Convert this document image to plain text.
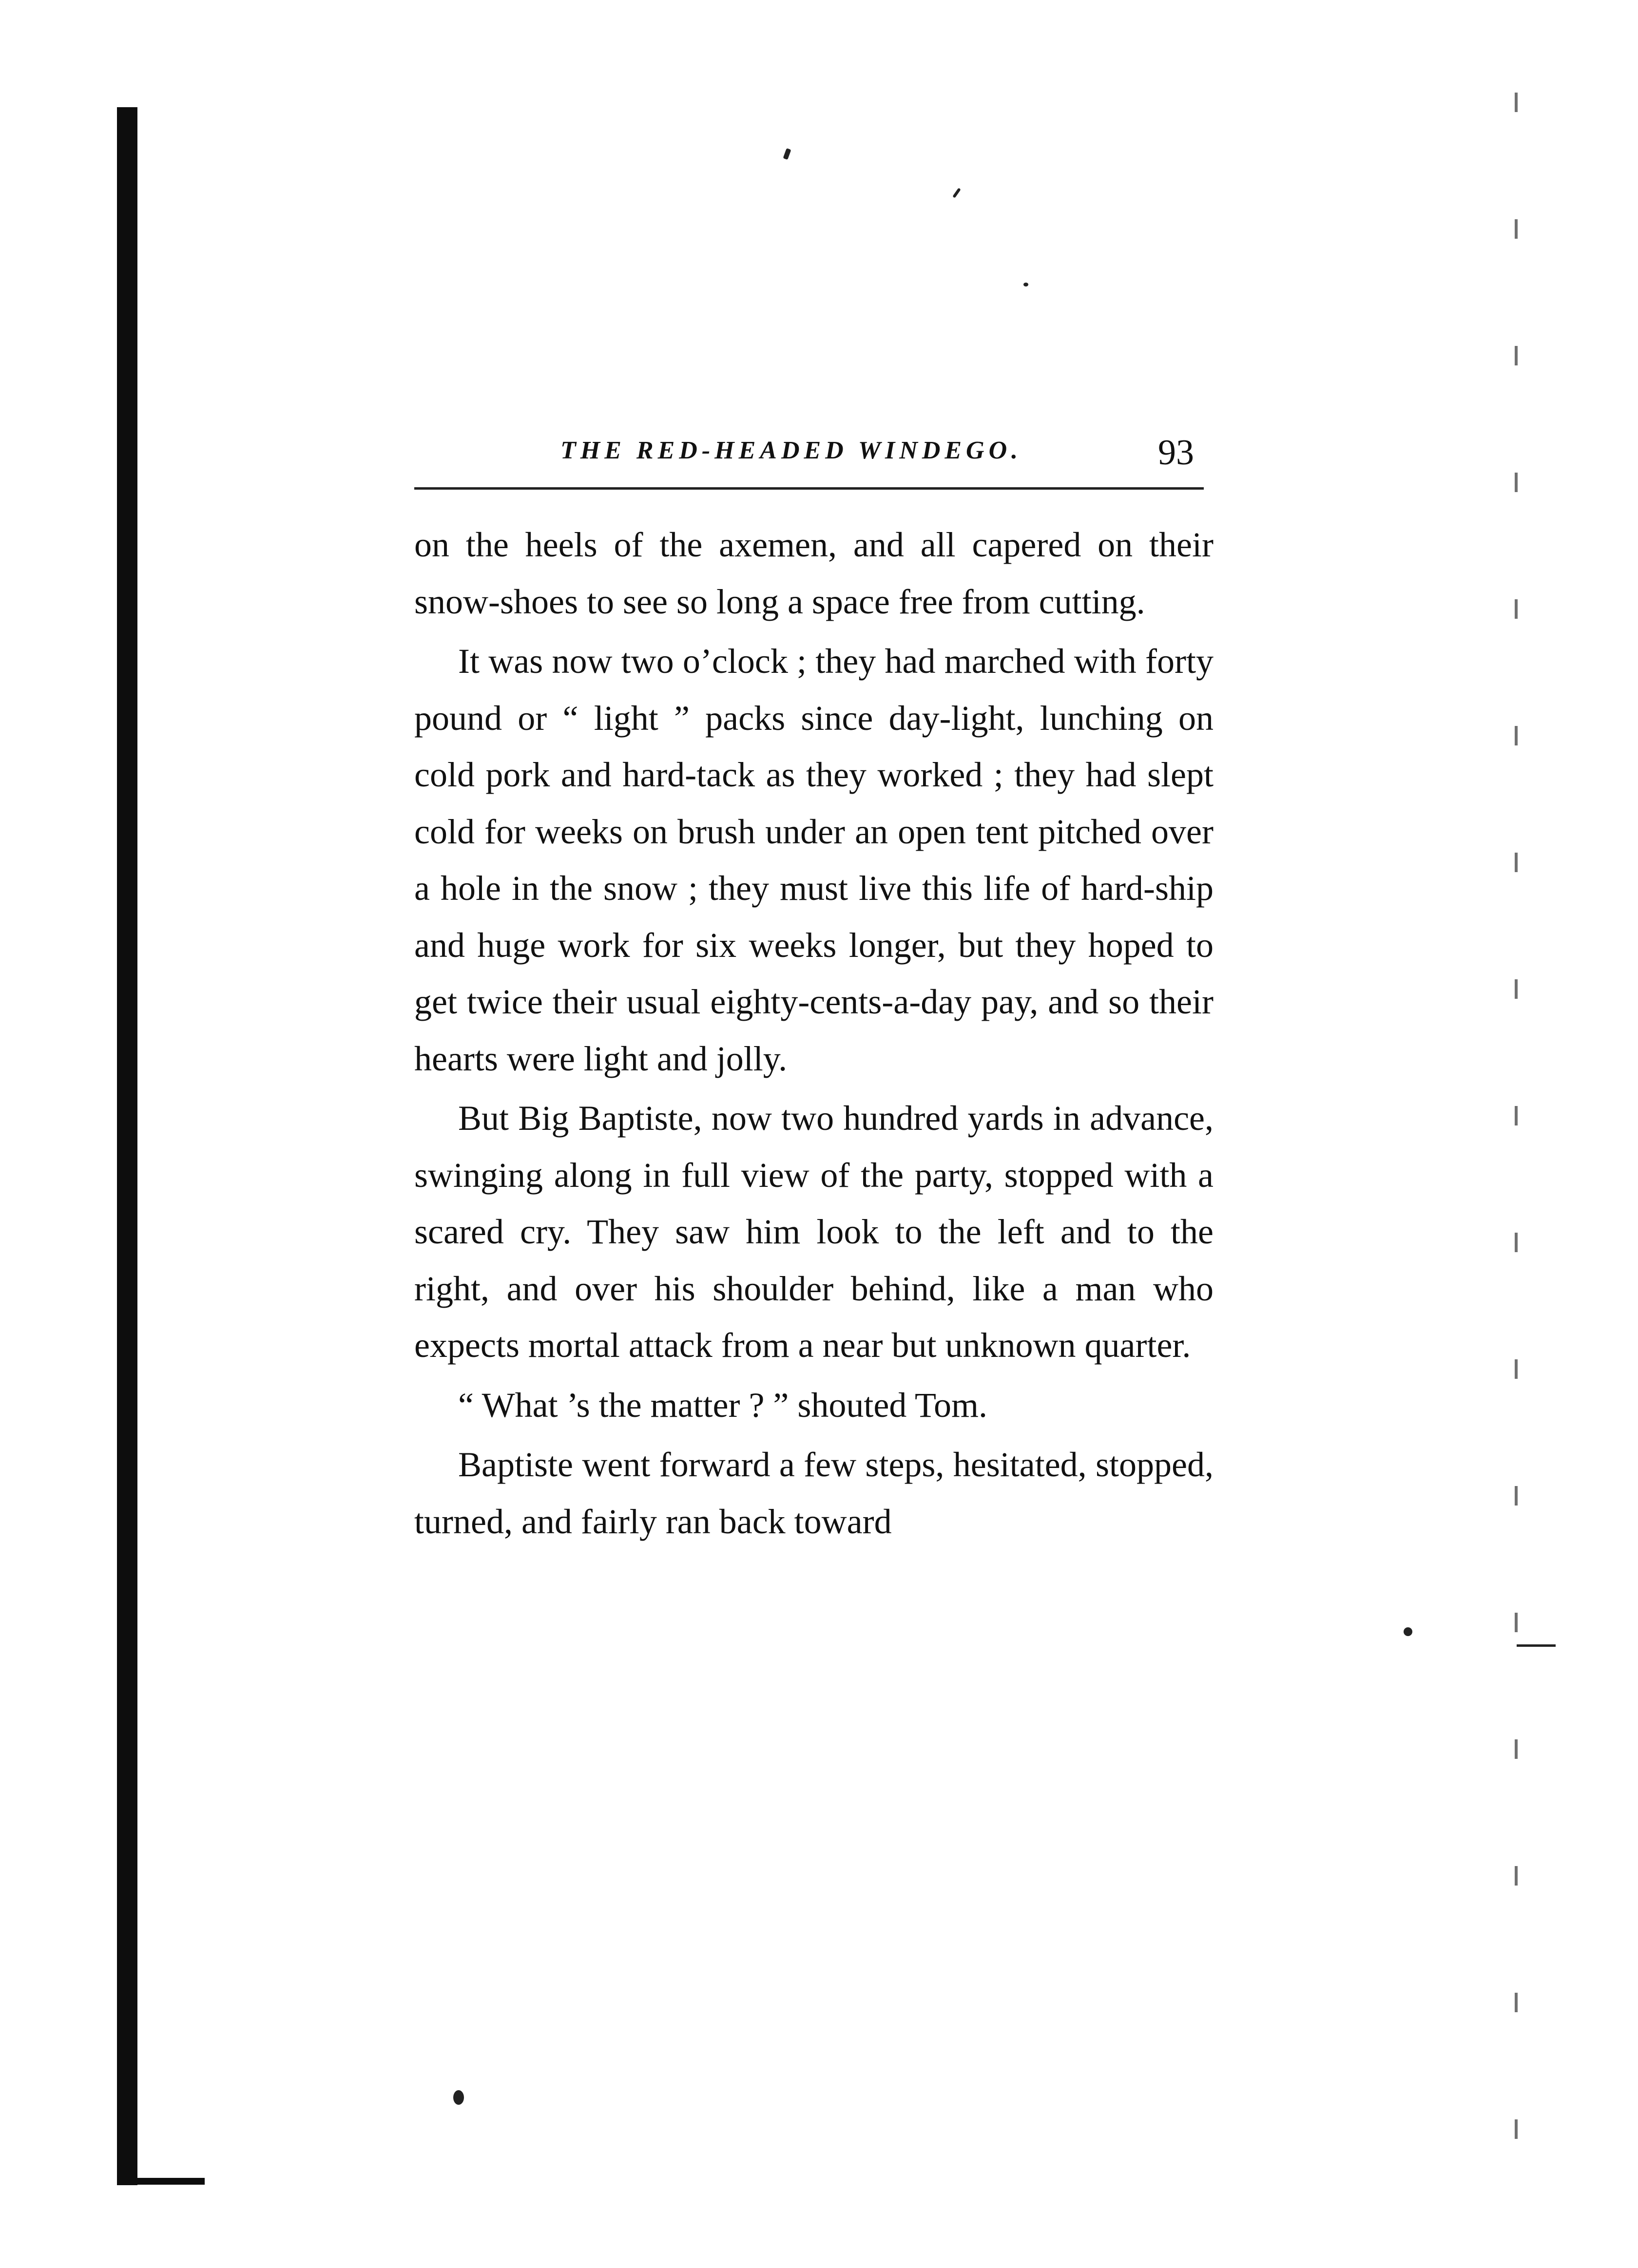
THE RED-HEADED WINDEGO.	93

on the heels of the axemen, and all capered on their snow-shoes to see so long a space free from cutting.

It was now two o’clock ; they had marched with forty pound or “ light ” packs since day-light, lunching on cold pork and hard-tack as they worked ; they had slept cold for weeks on brush under an open tent pitched over a hole in the snow ; they must live this life of hard-ship and huge work for six weeks longer, but they hoped to get twice their usual eighty-cents-a-day pay, and so their hearts were light and jolly.

But Big Baptiste, now two hundred yards in advance, swinging along in full view of the party, stopped with a scared cry. They saw him look to the left and to the right, and over his shoulder behind, like a man who expects mortal attack from a near but unknown quarter.

“ What ’s the matter ? ” shouted Tom.

Baptiste went forward a few steps, hesitated, stopped, turned, and fairly ran back toward
